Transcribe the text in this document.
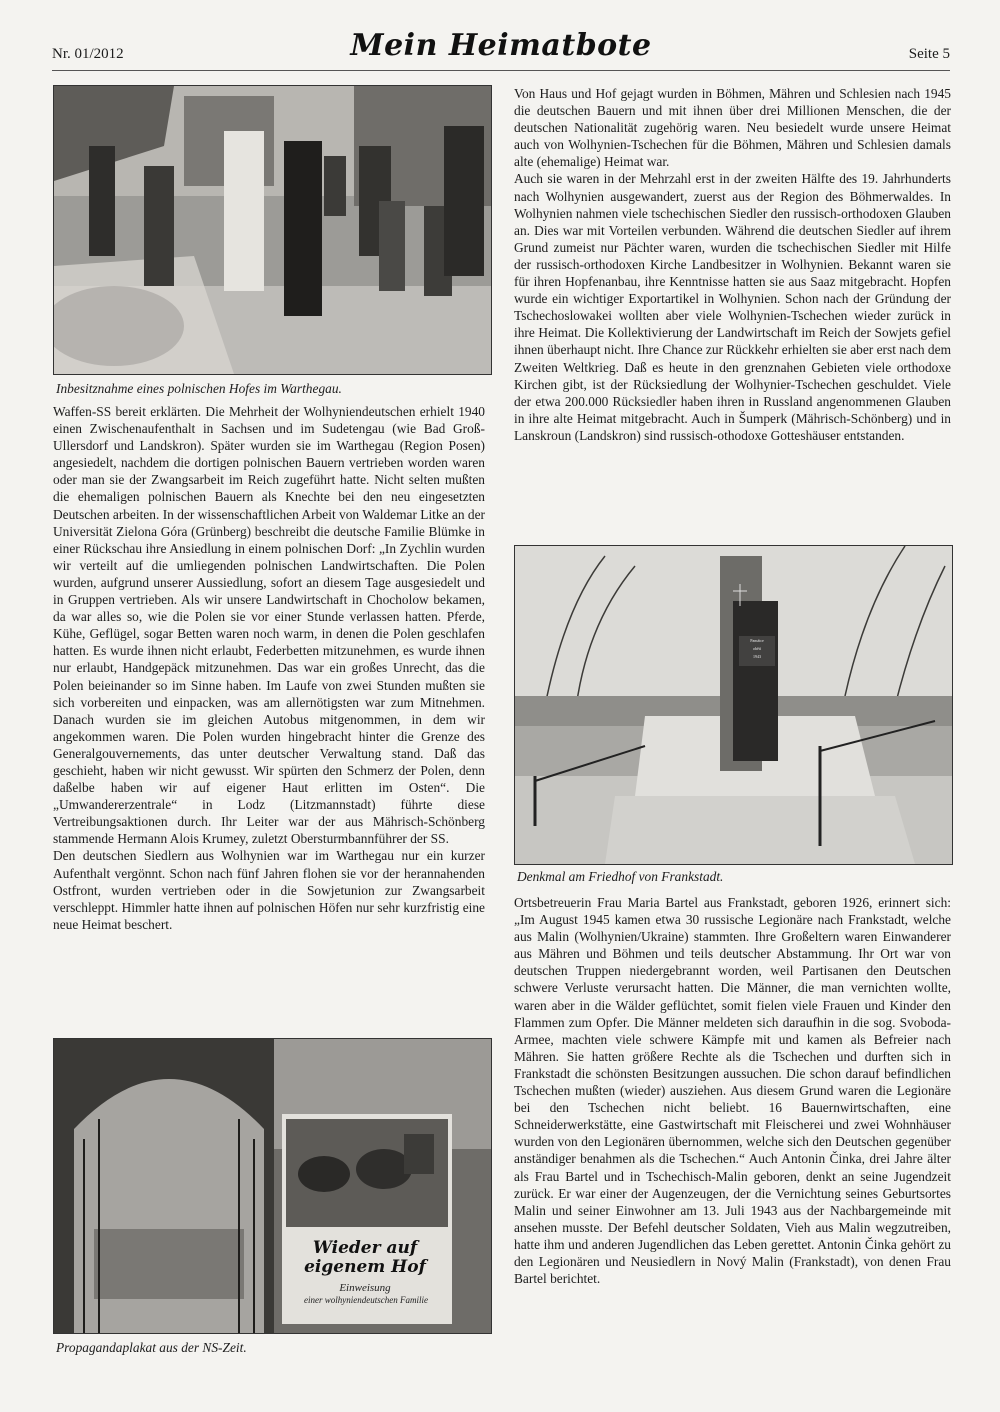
Nr. 01/2012	Mein Heimatbote	Seite 5
Inbesitznahme eines polnischen Hofes im Warthegau.

Waffen-SS bereit erklärten. Die Mehrheit der Wolhyniendeutschen erhielt 1940 einen Zwischenaufenthalt in Sachsen und im Sudetengau (wie Bad Groß-Ullersdorf und Landskron). Später wurden sie im Warthegau (Region Posen) angesiedelt, nachdem die dortigen polnischen Bauern vertrieben worden waren oder man sie der Zwangsarbeit im Reich zugeführt hatte. Nicht selten mußten die ehemaligen polnischen Bauern als Knechte bei den neu eingesetzten Deutschen arbeiten. In der wissenschaftlichen Arbeit von Waldemar Litke an der Universität Zielona Góra (Grünberg) beschreibt die deutsche Familie Blümke in einer Rückschau ihre Ansiedlung in einem polnischen Dorf: „In Zychlin wurden wir verteilt auf die umliegenden polnischen Landwirtschaften. Die Polen wurden, aufgrund unserer Aussiedlung, sofort an diesem Tage ausgesiedelt und in Gruppen vertrieben. Als wir unsere Landwirtschaft in Chocholow bekamen, da war alles so, wie die Polen sie vor einer Stunde verlassen hatten. Pferde, Kühe, Geflügel, sogar Betten waren noch warm, in denen die Polen geschlafen hatten. Es wurde ihnen nicht erlaubt, Federbetten mitzunehmen, es wurde ihnen nur erlaubt, Handgepäck mitzunehmen. Das war ein großes Unrecht, das die Polen beieinander so im Sinne haben. Im Laufe von zwei Stunden mußten sie sich vorbereiten und einpacken, was am allernötigsten war zum Mitnehmen. Danach wurden sie im gleichen Autobus mitgenommen, in dem wir angekommen waren. Die Polen wurden hingebracht hinter die Grenze des Generalgouvernements, das unter deutscher Verwaltung stand. Daß das geschieht, haben wir nicht gewusst. Wir spürten den Schmerz der Polen, denn daßelbe haben wir auf eigener Haut erlitten im Osten“. Die „Umwandererzentrale“ in Lodz (Litzmannstadt) führte diese Vertreibungsaktionen durch. Ihr Leiter war der aus Mährisch-Schönberg stammende Hermann Alois Krumey, zuletzt Obersturmbannführer der SS.

Den deutschen Siedlern aus Wolhynien war im Warthegau nur ein kurzer Aufenthalt vergönnt. Schon nach fünf Jahren flohen sie vor der herannahenden Ostfront, wurden vertrieben oder in die Sowjetunion zur Zwangsarbeit verschleppt. Himmler hatte ihnen auf polnischen Höfen nur sehr kurzfristig eine neue Heimat beschert.

Wieder auf
eigenem Hof
Einweisung
einer wolhyniendeutschen Familie
Propagandaplakat aus der NS-Zeit.

Von Haus und Hof gejagt wurden in Böhmen, Mähren und Schlesien nach 1945 die deutschen Bauern und mit ihnen über drei Millionen Menschen, die der deutschen Nationalität zugehörig waren. Neu besiedelt wurde unsere Heimat auch von Wolhynien-Tschechen für die Böhmen, Mähren und Schlesien damals alte (ehemalige) Heimat war.

Auch sie waren in der Mehrzahl erst in der zweiten Hälfte des 19. Jahrhunderts nach Wolhynien ausgewandert, zuerst aus der Region des Böhmerwaldes. In Wolhynien nahmen viele tschechischen Siedler den russisch-orthodoxen Glauben an. Dies war mit Vorteilen verbunden. Während die deutschen Siedler auf ihrem Grund zumeist nur Pächter waren, wurden die tschechischen Siedler mit Hilfe der russisch-orthodoxen Kirche Landbesitzer in Wolhynien. Bekannt waren sie für ihren Hopfenanbau, ihre Kenntnisse hatten sie aus Saaz mitgebracht. Hopfen wurde ein wichtiger Exportartikel in Wolhynien. Schon nach der Gründung der Tschechoslowakei wollten aber viele Wolhynien-Tschechen wieder zurück in ihre Heimat. Die Kollektivierung der Landwirtschaft im Reich der Sowjets gefiel ihnen überhaupt nicht. Ihre Chance zur Rückkehr erhielten sie aber erst nach dem Zweiten Weltkrieg. Daß es heute in den grenznahen Gebieten viele orthodoxe Kirchen gibt, ist der Rücksiedlung der Wolhynier-Tschechen geschuldet. Viele der etwa 200.000 Rücksiedler haben ihren in Russland angenommenen Glauben in ihre alte Heimat mitgebracht. Auch in Šumperk (Mährisch-Schönberg) und in Lanskroun (Landskron) sind russisch-othodoxe Gotteshäuser entstanden.

Památce
obětí
1943
Denkmal am Friedhof von Frankstadt.

Ortsbetreuerin Frau Maria Bartel aus Frankstadt, geboren 1926, erinnert sich: „Im August 1945 kamen etwa 30 russische Legionäre nach Frankstadt, welche aus Malin (Wolhynien/Ukraine) stammten. Ihre Großeltern waren Einwanderer aus Mähren und Böhmen und teils deutscher Abstammung. Ihr Ort war von deutschen Truppen niedergebrannt worden, weil Partisanen den Deutschen schwere Verluste verursacht hatten. Die Männer, die man vernichten wollte, waren aber in die Wälder geflüchtet, somit fielen viele Frauen und Kinder den Flammen zum Opfer. Die Männer meldeten sich daraufhin in die sog. Svoboda-Armee, machten viele schwere Kämpfe mit und kamen als Befreier nach Mähren. Sie hatten größere Rechte als die Tschechen und durften sich in Frankstadt die schönsten Besitzungen aussuchen. Die schon darauf befindlichen Tschechen mußten (wieder) ausziehen. Aus diesem Grund waren die Legionäre bei den Tschechen nicht beliebt. 16 Bauernwirtschaften, eine Schneiderwerkstätte, eine Gastwirtschaft mit Fleischerei und zwei Wohnhäuser wurden von den Legionären übernommen, welche sich den Deutschen gegenüber anständiger benahmen als die Tschechen.“ Auch Antonin Činka, drei Jahre älter als Frau Bartel und in Tschechisch-Malin geboren, denkt an seine Jugendzeit zurück. Er war einer der Augenzeugen, der die Vernichtung seines Geburtsortes Malin und seiner Einwohner am 13. Juli 1943 aus der Nachbargemeinde mit ansehen musste. Der Befehl deutscher Soldaten, Vieh aus Malin wegzutreiben, hatte ihm und anderen Jugendlichen das Leben gerettet. Antonin Činka gehört zu den Legionären und Neusiedlern in Nový Malin (Frankstadt), von denen Frau Bartel berichtet.
